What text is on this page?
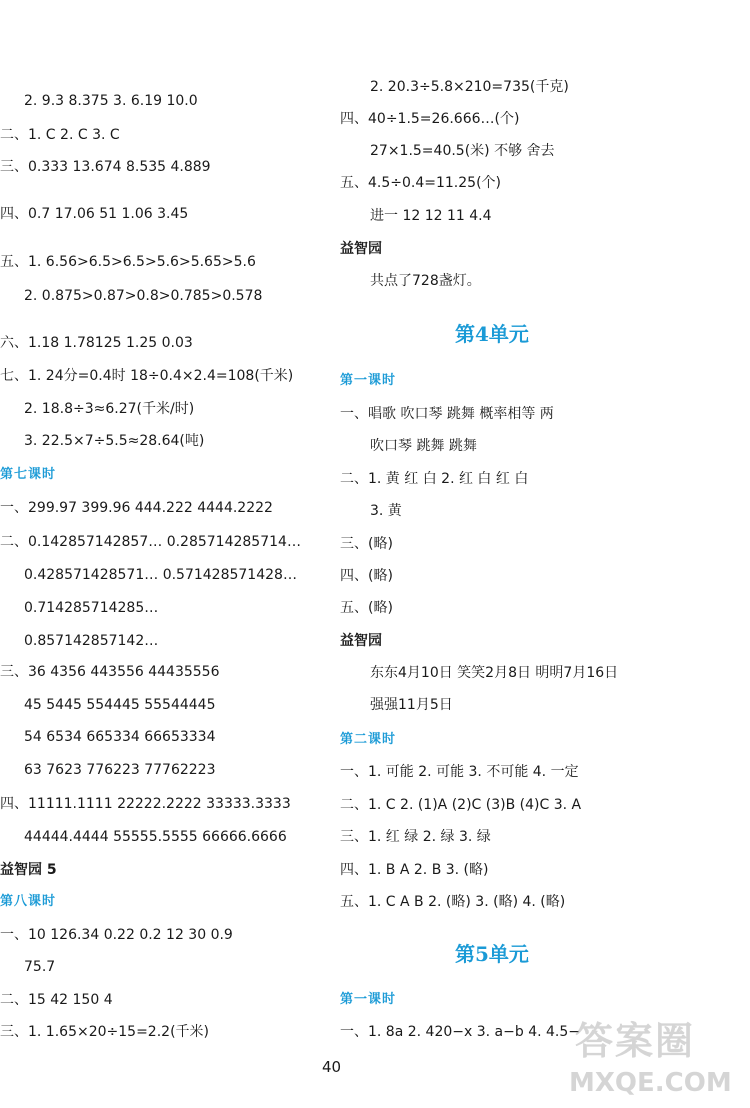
2. 9.3 8.375 3. 6.19 10.0
二、1. C 2. C 3. C
三、0.333 13.674 8.535 4.889
四、0.7 17.06 51 1.06 3.45
五、1. 6.56>6.5>6.5>5.6>5.65>5.6
2. 0.875>0.87>0.8>0.785>0.578
六、1.18 1.78125 1.25 0.03
七、1. 24分=0.4时 18÷0.4×2.4=108(千米)
2. 18.8÷3≈6.27(千米/时)
3. 22.5×7÷5.5≈28.64(吨)
第七课时
一、299.97 399.96 444.222 4444.2222
二、0.142857142857… 0.285714285714…
0.428571428571… 0.571428571428…
0.714285714285…
0.857142857142…
三、36 4356 443556 44435556
45 5445 554445 55544445
54 6534 665334 66653334
63 7623 776223 77762223
四、11111.1111 22222.2222 33333.3333
44444.4444 55555.5555 66666.6666
益智园 5
第八课时
一、10 126.34 0.22 0.2 12 30 0.9
75.7
二、15 42 150 4
三、1. 1.65×20÷15=2.2(千米)
2. 20.3÷5.8×210=735(千克)
四、40÷1.5=26.666…(个)
27×1.5=40.5(米) 不够 舍去
五、4.5÷0.4=11.25(个)
进一 12 12 11 4.4
益智园
共点了728盏灯。
第4单元
第一课时
一、唱歌 吹口琴 跳舞 概率相等 两
吹口琴 跳舞 跳舞
二、1. 黄 红 白 2. 红 白 红 白
3. 黄
三、(略)
四、(略)
五、(略)
益智园
东东4月10日 笑笑2月8日 明明7月16日
强强11月5日
第二课时
一、1. 可能 2. 可能 3. 不可能 4. 一定
二、1. C 2. (1)A (2)C (3)B (4)C 3. A
三、1. 红 绿 2. 绿 3. 绿
四、1. B A 2. B 3. (略)
五、1. C A B 2. (略) 3. (略) 4. (略)
第5单元
第一课时
一、1. 8a 2. 420−x 3. a−b 4. 4.5−
40
答案圈
MXQE.COM
